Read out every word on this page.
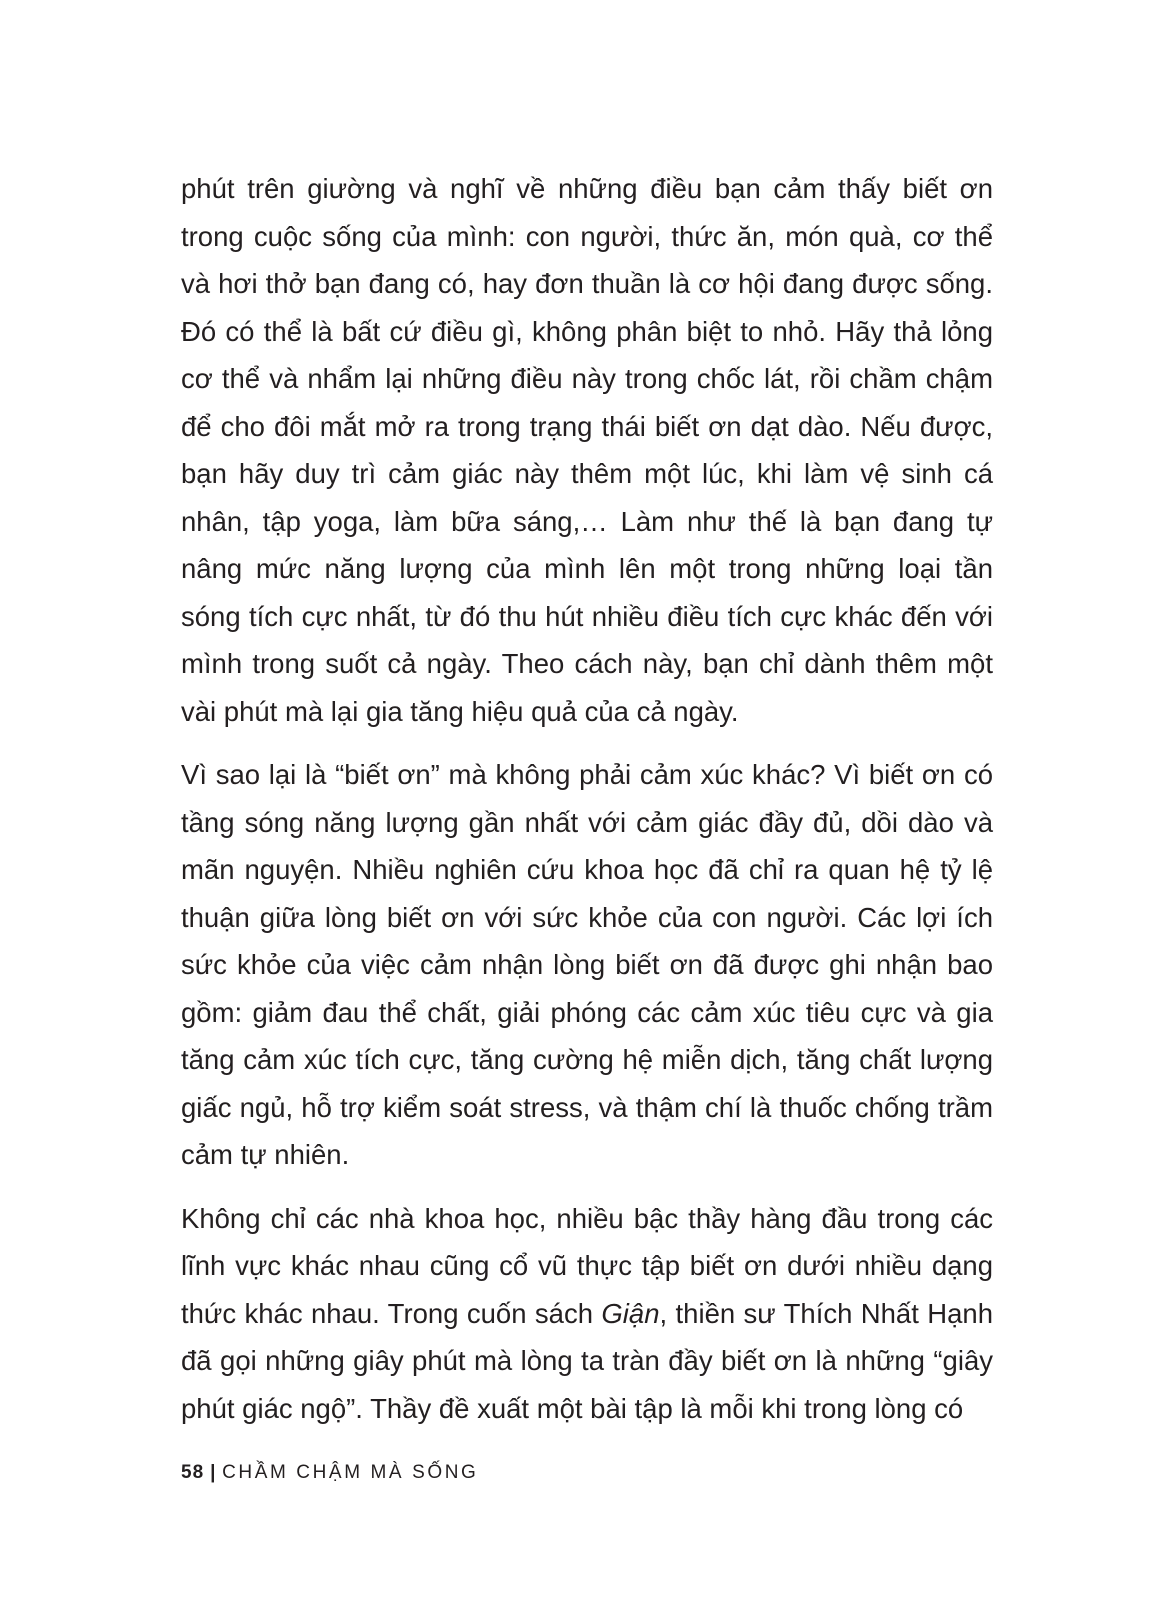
phút trên giường và nghĩ về những điều bạn cảm thấy biết ơn trong cuộc sống của mình: con người, thức ăn, món quà, cơ thể và hơi thở bạn đang có, hay đơn thuần là cơ hội đang được sống. Đó có thể là bất cứ điều gì, không phân biệt to nhỏ. Hãy thả lỏng cơ thể và nhẩm lại những điều này trong chốc lát, rồi chầm chậm để cho đôi mắt mở ra trong trạng thái biết ơn dạt dào. Nếu được, bạn hãy duy trì cảm giác này thêm một lúc, khi làm vệ sinh cá nhân, tập yoga, làm bữa sáng,… Làm như thế là bạn đang tự nâng mức năng lượng của mình lên một trong những loại tần sóng tích cực nhất, từ đó thu hút nhiều điều tích cực khác đến với mình trong suốt cả ngày. Theo cách này, bạn chỉ dành thêm một vài phút mà lại gia tăng hiệu quả của cả ngày.

Vì sao lại là “biết ơn” mà không phải cảm xúc khác? Vì biết ơn có tầng sóng năng lượng gần nhất với cảm giác đầy đủ, dồi dào và mãn nguyện. Nhiều nghiên cứu khoa học đã chỉ ra quan hệ tỷ lệ thuận giữa lòng biết ơn với sức khỏe của con người. Các lợi ích sức khỏe của việc cảm nhận lòng biết ơn đã được ghi nhận bao gồm: giảm đau thể chất, giải phóng các cảm xúc tiêu cực và gia tăng cảm xúc tích cực, tăng cường hệ miễn dịch, tăng chất lượng giấc ngủ, hỗ trợ kiểm soát stress, và thậm chí là thuốc chống trầm cảm tự nhiên.

Không chỉ các nhà khoa học, nhiều bậc thầy hàng đầu trong các lĩnh vực khác nhau cũng cổ vũ thực tập biết ơn dưới nhiều dạng thức khác nhau. Trong cuốn sách Giận, thiền sư Thích Nhất Hạnh đã gọi những giây phút mà lòng ta tràn đầy biết ơn là những “giây phút giác ngộ”. Thầy đề xuất một bài tập là mỗi khi trong lòng có

58 | CHẦM CHẬM MÀ SỐNG
